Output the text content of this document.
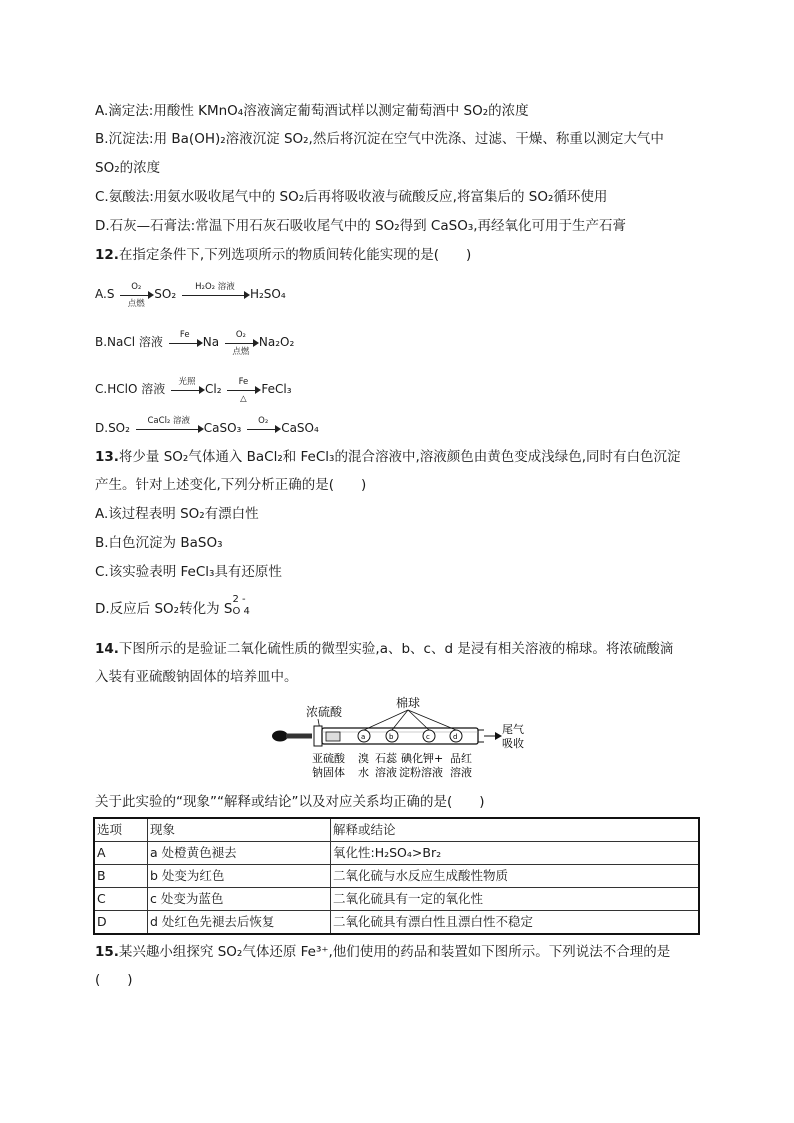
A.滴定法:用酸性 KMnO₄溶液滴定葡萄酒试样以测定葡萄酒中 SO₂的浓度
B.沉淀法:用 Ba(OH)₂溶液沉淀 SO₂,然后将沉淀在空气中洗涤、过滤、干燥、称重以测定大气中
SO₂的浓度
C.氨酸法:用氨水吸收尾气中的 SO₂后再将吸收液与硫酸反应,将富集后的 SO₂循环使用
D.石灰—石膏法:常温下用石灰石吸收尾气中的 SO₂得到 CaSO₃,再经氧化可用于生产石膏
12.在指定条件下,下列选项所示的物质间转化能实现的是(　　)
A.S
O₂
点燃
SO₂
H₂O₂ 溶液
H₂SO₄
B.NaCl 溶液
Fe
Na
O₂
点燃
Na₂O₂
C.HClO 溶液
光照
Cl₂
Fe
△
FeCl₃
D.SO₂
CaCl₂ 溶液
CaSO₃
O₂
CaSO₄
13.将少量 SO₂气体通入 BaCl₂和 FeCl₃的混合溶液中,溶液颜色由黄色变成浅绿色,同时有白色沉淀
产生。针对上述变化,下列分析正确的是(　　)
A.该过程表明 SO₂有漂白性
B.白色沉淀为 BaSO₃
C.该实验表明 FeCl₃具有还原性
D.反应后 SO₂转化为 S
2 -
O 4
14.下图所示的是验证二氧化硫性质的微型实验,a、b、c、d 是浸有相关溶液的棉球。将浓硫酸滴
入装有亚硫酸钠固体的培养皿中。
浓硫酸
a	b	c	d
棉球
尾气
吸收
亚硫酸
钠固体
溴
水
石蕊
溶液
碘化钾+
淀粉溶液
品红
溶液
关于此实验的“现象”“解释或结论”以及对应关系均正确的是(　　)
选项	现象	解释或结论
A	a 处橙黄色褪去	氧化性:H₂SO₄>Br₂
B	b 处变为红色	二氧化硫与水反应生成酸性物质
C	c 处变为蓝色	二氧化硫具有一定的氧化性
D	d 处红色先褪去后恢复	二氧化硫具有漂白性且漂白性不稳定
15.某兴趣小组探究 SO₂气体还原 Fe³⁺,他们使用的药品和装置如下图所示。下列说法不合理的是
(　　)
